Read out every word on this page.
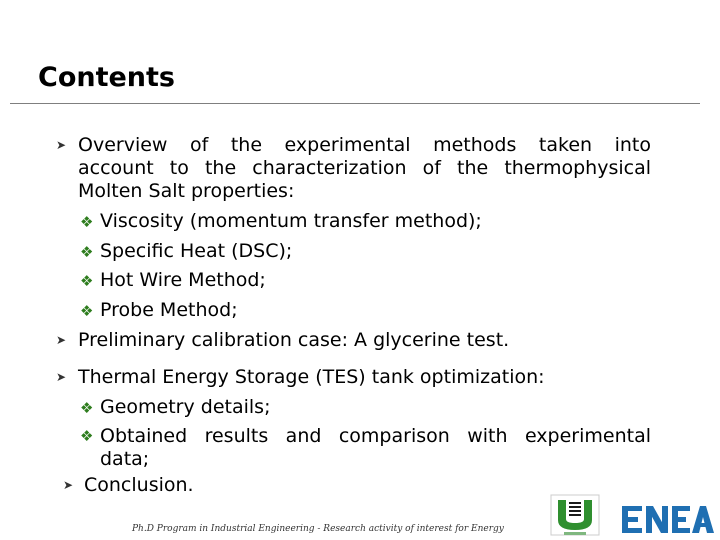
Contents
➤ Overview of the experimental methods taken into
account to the characterization of the thermophysical
Molten Salt properties:
❖ Viscosity (momentum transfer method);
❖ Specific Heat (DSC);
❖ Hot Wire Method;
❖ Probe Method;
➤ Preliminary calibration case: A glycerine test.
➤ Thermal Energy Storage (TES) tank optimization:
❖ Geometry details;
❖ Obtained results and comparison with experimental
data;
➤ Conclusion.
Ph.D Program in Industrial Engineering - Research activity of interest for Energy
